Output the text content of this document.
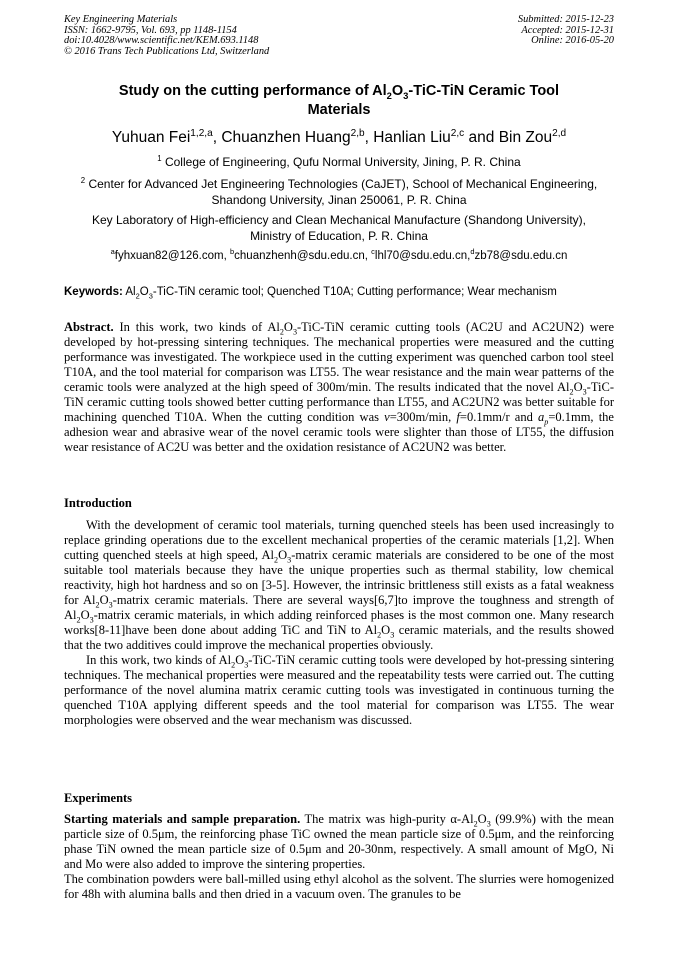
Key Engineering Materials
ISSN: 1662-9795, Vol. 693, pp 1148-1154
doi:10.4028/www.scientific.net/KEM.693.1148
© 2016 Trans Tech Publications Ltd, Switzerland
Submitted: 2015-12-23
Accepted: 2015-12-31
Online: 2016-05-20
Study on the cutting performance of $Al_2O_3-TiC$-TiN Ceramic Tool
Materials
Yuhuan Fei$^{1,2,a}$, Chuanzhen Huang$^{2,b}$, Hanlian Liu$^{2,c}$ and Bin Zou$^{2,d}$
$^1$ College of Engineering, Qufu Normal University, Jining, P. R. China
$^2$ Center for Advanced Jet Engineering Technologies (CaJET), School of Mechanical Engineering,
Shandong University, Jinan 250061, P. R. China
Key Laboratory of High-efficiency and Clean Mechanical Manufacture (Shandong University),
Ministry of Education, P. R. China
$^a$fyhxuan82@126.com, $^b$chuanzhenh@sdu.edu.cn, $^c$lhl70@sdu.edu.cn,$^d$zb78@sdu.edu.cn
Keywords: $Al_2O_3-TiC$-TiN ceramic tool; Quenched T10A; Cutting performance; Wear mechanism
Abstract. In this work, two kinds of $Al_2O_3-TiC$-TiN ceramic cutting tools (AC2U and AC2UN2) were developed by hot-pressing sintering techniques. The mechanical properties were measured and the cutting performance was investigated. The workpiece used in the cutting experiment was quenched carbon tool steel T10A, and the tool material for comparison was LT55. The wear resistance and the main wear patterns of the ceramic tools were analyzed at the high speed of 300m/min. The results indicated that the novel $Al_2O_3-TiC$-TiN ceramic cutting tools showed better cutting performance than LT55, and AC2UN2 was better suitable for machining quenched T10A. When the cutting condition was v=300m/min, f=0.1mm/r and $a_p=0.1mm$, the adhesion wear and abrasive wear of the novel ceramic tools were slighter than those of LT55, the diffusion wear resistance of AC2U was better and the oxidation resistance of AC2UN2 was better.
Introduction

With the development of ceramic tool materials, turning quenched steels has been used increasingly to replace grinding operations due to the excellent mechanical properties of the ceramic materials [1,2]. When cutting quenched steels at high speed, $Al_2O_3$-matrix ceramic materials are considered to be one of the most suitable tool materials because they have the unique properties such as thermal stability, low chemical reactivity, high hot hardness and so on [3-5]. However, the intrinsic brittleness still exists as a fatal weakness for $Al_2O_3$-matrix ceramic materials. There are several ways[6,7]to improve the toughness and strength of $Al_2O_3$-matrix ceramic materials, in which adding reinforced phases is the most common one. Many research works[8-11]have been done about adding TiC and TiN to $Al_2O_3$ ceramic materials, and the results showed that the two additives could improve the mechanical properties obviously.

In this work, two kinds of $Al_2O_3-TiC$-TiN ceramic cutting tools were developed by hot-pressing sintering techniques. The mechanical properties were measured and the repeatability tests were carried out. The cutting performance of the novel alumina matrix ceramic cutting tools was investigated in continuous turning the quenched T10A applying different speeds and the tool material for comparison was LT55. The wear morphologies were observed and the wear mechanism was discussed.

Experiments

Starting materials and sample preparation. The matrix was high-purity $\alpha-Al_2O_3$ (99.9%) with the mean particle size of 0.5μm, the reinforcing phase TiC owned the mean particle size of 0.5μm, and the reinforcing phase TiN owned the mean particle size of 0.5μm and 20-30nm, respectively. A small amount of MgO, Ni and Mo were also added to improve the sintering properties.

The combination powders were ball-milled using ethyl alcohol as the solvent. The slurries were homogenized for 48h with alumina balls and then dried in a vacuum oven. The granules to be
